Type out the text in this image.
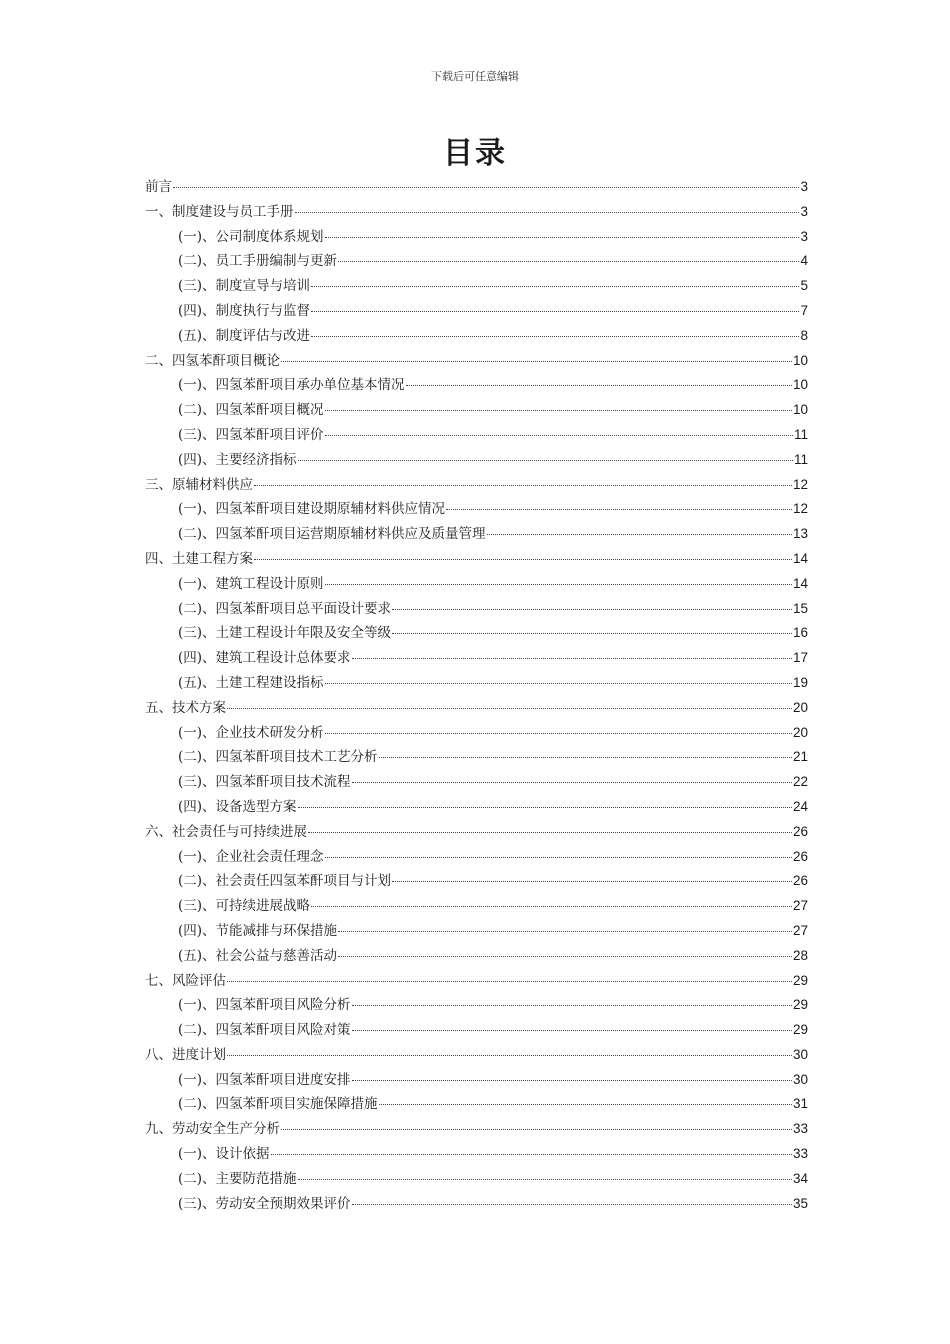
下载后可任意编辑
目录
前言	3
一、制度建设与员工手册	3
(一)、公司制度体系规划	3
(二)、员工手册编制与更新	4
(三)、制度宣导与培训	5
(四)、制度执行与监督	7
(五)、制度评估与改进	8
二、四氢苯酐项目概论	10
(一)、四氢苯酐项目承办单位基本情况	10
(二)、四氢苯酐项目概况	10
(三)、四氢苯酐项目评价	11
(四)、主要经济指标	11
三、原辅材料供应	12
(一)、四氢苯酐项目建设期原辅材料供应情况	12
(二)、四氢苯酐项目运营期原辅材料供应及质量管理	13
四、土建工程方案	14
(一)、建筑工程设计原则	14
(二)、四氢苯酐项目总平面设计要求	15
(三)、土建工程设计年限及安全等级	16
(四)、建筑工程设计总体要求	17
(五)、土建工程建设指标	19
五、技术方案	20
(一)、企业技术研发分析	20
(二)、四氢苯酐项目技术工艺分析	21
(三)、四氢苯酐项目技术流程	22
(四)、设备选型方案	24
六、社会责任与可持续进展	26
(一)、企业社会责任理念	26
(二)、社会责任四氢苯酐项目与计划	26
(三)、可持续进展战略	27
(四)、节能减排与环保措施	27
(五)、社会公益与慈善活动	28
七、风险评估	29
(一)、四氢苯酐项目风险分析	29
(二)、四氢苯酐项目风险对策	29
八、进度计划	30
(一)、四氢苯酐项目进度安排	30
(二)、四氢苯酐项目实施保障措施	31
九、劳动安全生产分析	33
(一)、设计依据	33
(二)、主要防范措施	34
(三)、劳动安全预期效果评价	35
